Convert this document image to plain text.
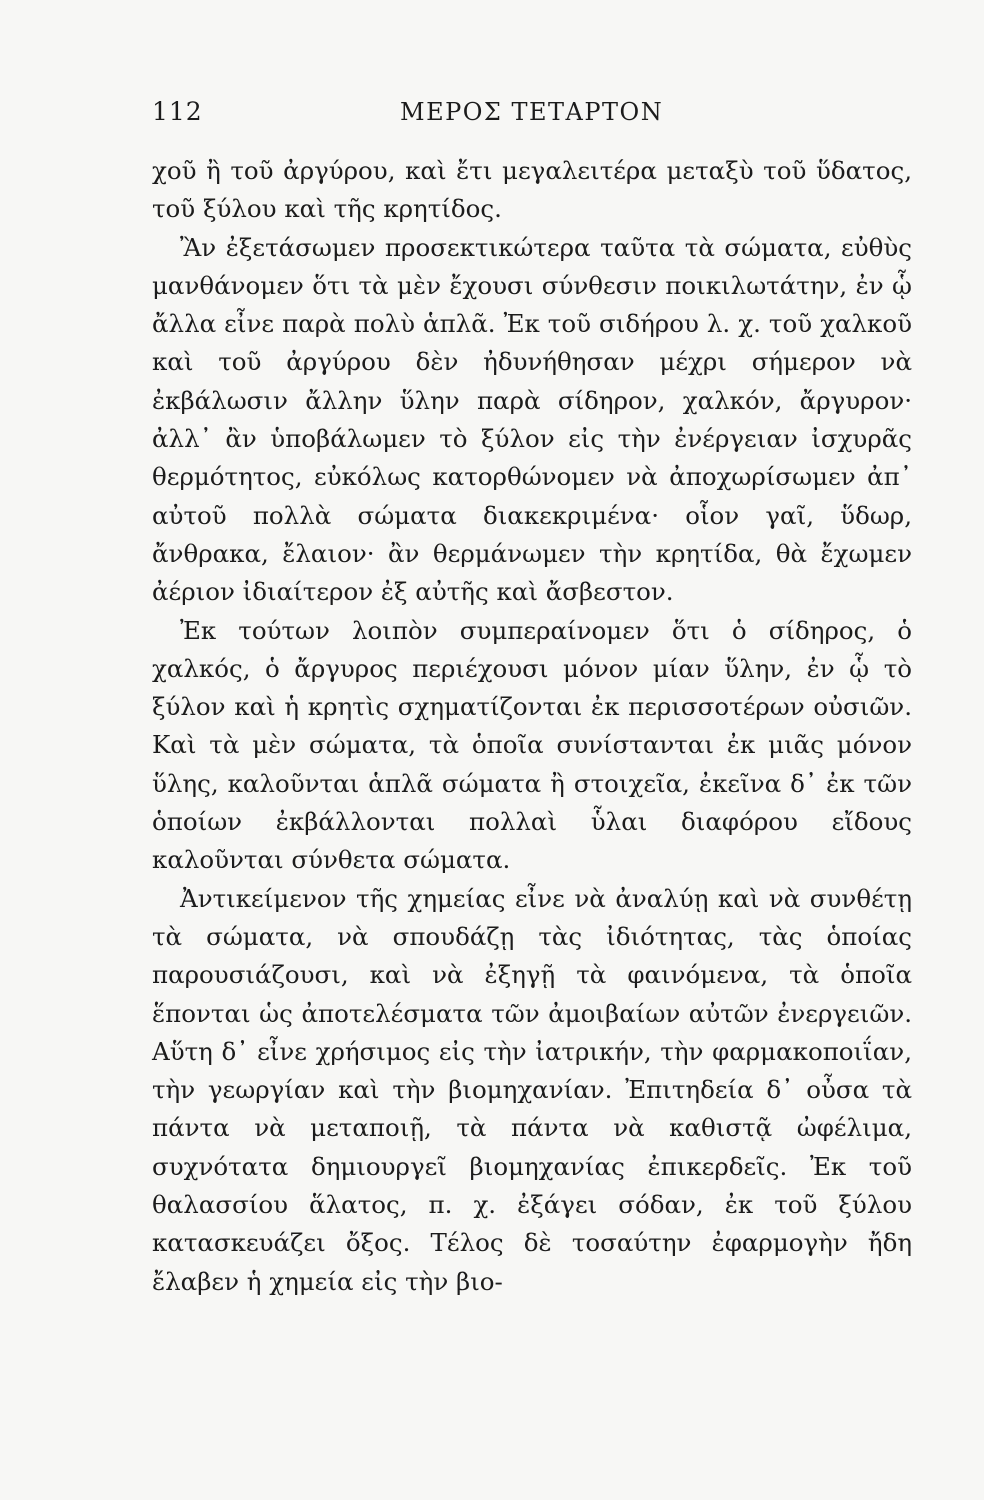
112	ΜΕΡΟΣ ΤΕΤΑΡΤΟΝ

χοῦ ἢ τοῦ ἀργύρου, καὶ ἔτι μεγαλειτέρα μεταξὺ τοῦ ὕδατος, τοῦ ξύλου καὶ τῆς κρητίδος.

Ἂν ἐξετάσωμεν προσεκτικώτερα ταῦτα τὰ σώματα, εὐθὺς μανθάνομεν ὅτι τὰ μὲν ἔχουσι σύνθεσιν ποικιλωτάτην, ἐν ᾧ ἄλλα εἶνε παρὰ πολὺ ἁπλᾶ. Ἐκ τοῦ σιδήρου λ. χ. τοῦ χαλκοῦ καὶ τοῦ ἀργύρου δὲν ἠδυνήθησαν μέχρι σήμερον νὰ ἐκβάλωσιν ἄλλην ὕλην παρὰ σίδηρον, χαλκόν, ἄργυρον· ἀλλ᾽ ἂν ὑποβάλωμεν τὸ ξύλον εἰς τὴν ἐνέργειαν ἰσχυρᾶς θερμότητος, εὐκόλως κατορθώνομεν νὰ ἀποχωρίσωμεν ἀπ᾽ αὐτοῦ πολλὰ σώματα διακεκριμένα· οἷον γαῖ, ὕδωρ, ἄνθρακα, ἔλαιον· ἂν θερμάνωμεν τὴν κρητίδα, θὰ ἔχωμεν ἀέριον ἰδιαίτερον ἐξ αὐτῆς καὶ ἄσβεστον.

Ἐκ τούτων λοιπὸν συμπεραίνομεν ὅτι ὁ σίδηρος, ὁ χαλκός, ὁ ἄργυρος περιέχουσι μόνον μίαν ὕλην, ἐν ᾧ τὸ ξύλον καὶ ἡ κρητὶς σχηματίζονται ἐκ περισσοτέρων οὐσιῶν. Καὶ τὰ μὲν σώματα, τὰ ὁποῖα συνίστανται ἐκ μιᾶς μόνον ὕλης, καλοῦνται ἁπλᾶ σώματα ἢ στοιχεῖα, ἐκεῖνα δ᾽ ἐκ τῶν ὁποίων ἐκβάλλονται πολλαὶ ὗλαι διαφόρου εἴδους καλοῦνται σύνθετα σώματα.

Ἀντικείμενον τῆς χημείας εἶνε νὰ ἀναλύῃ καὶ νὰ συνθέτῃ τὰ σώματα, νὰ σπουδάζῃ τὰς ἰδιότητας, τὰς ὁποίας παρουσιάζουσι, καὶ νὰ ἐξηγῇ τὰ φαινόμενα, τὰ ὁποῖα ἕπονται ὡς ἀποτελέσματα τῶν ἀμοιβαίων αὐτῶν ἐνεργειῶν. Αὕτη δ᾽ εἶνε χρήσιμος εἰς τὴν ἰατρικήν, τὴν φαρμακοποιΐαν, τὴν γεωργίαν καὶ τὴν βιομηχανίαν. Ἐπιτηδεία δ᾽ οὖσα τὰ πάντα νὰ μεταποιῇ, τὰ πάντα νὰ καθιστᾷ ὠφέλιμα, συχνότατα δημιουργεῖ βιομηχανίας ἐπικερδεῖς. Ἐκ τοῦ θαλασσίου ἅλατος, π. χ. ἐξάγει σόδαν, ἐκ τοῦ ξύλου κατασκευάζει ὄξος. Τέλος δὲ τοσαύτην ἐφαρμογὴν ἤδη ἔλαβεν ἡ χημεία εἰς τὴν βιο-
